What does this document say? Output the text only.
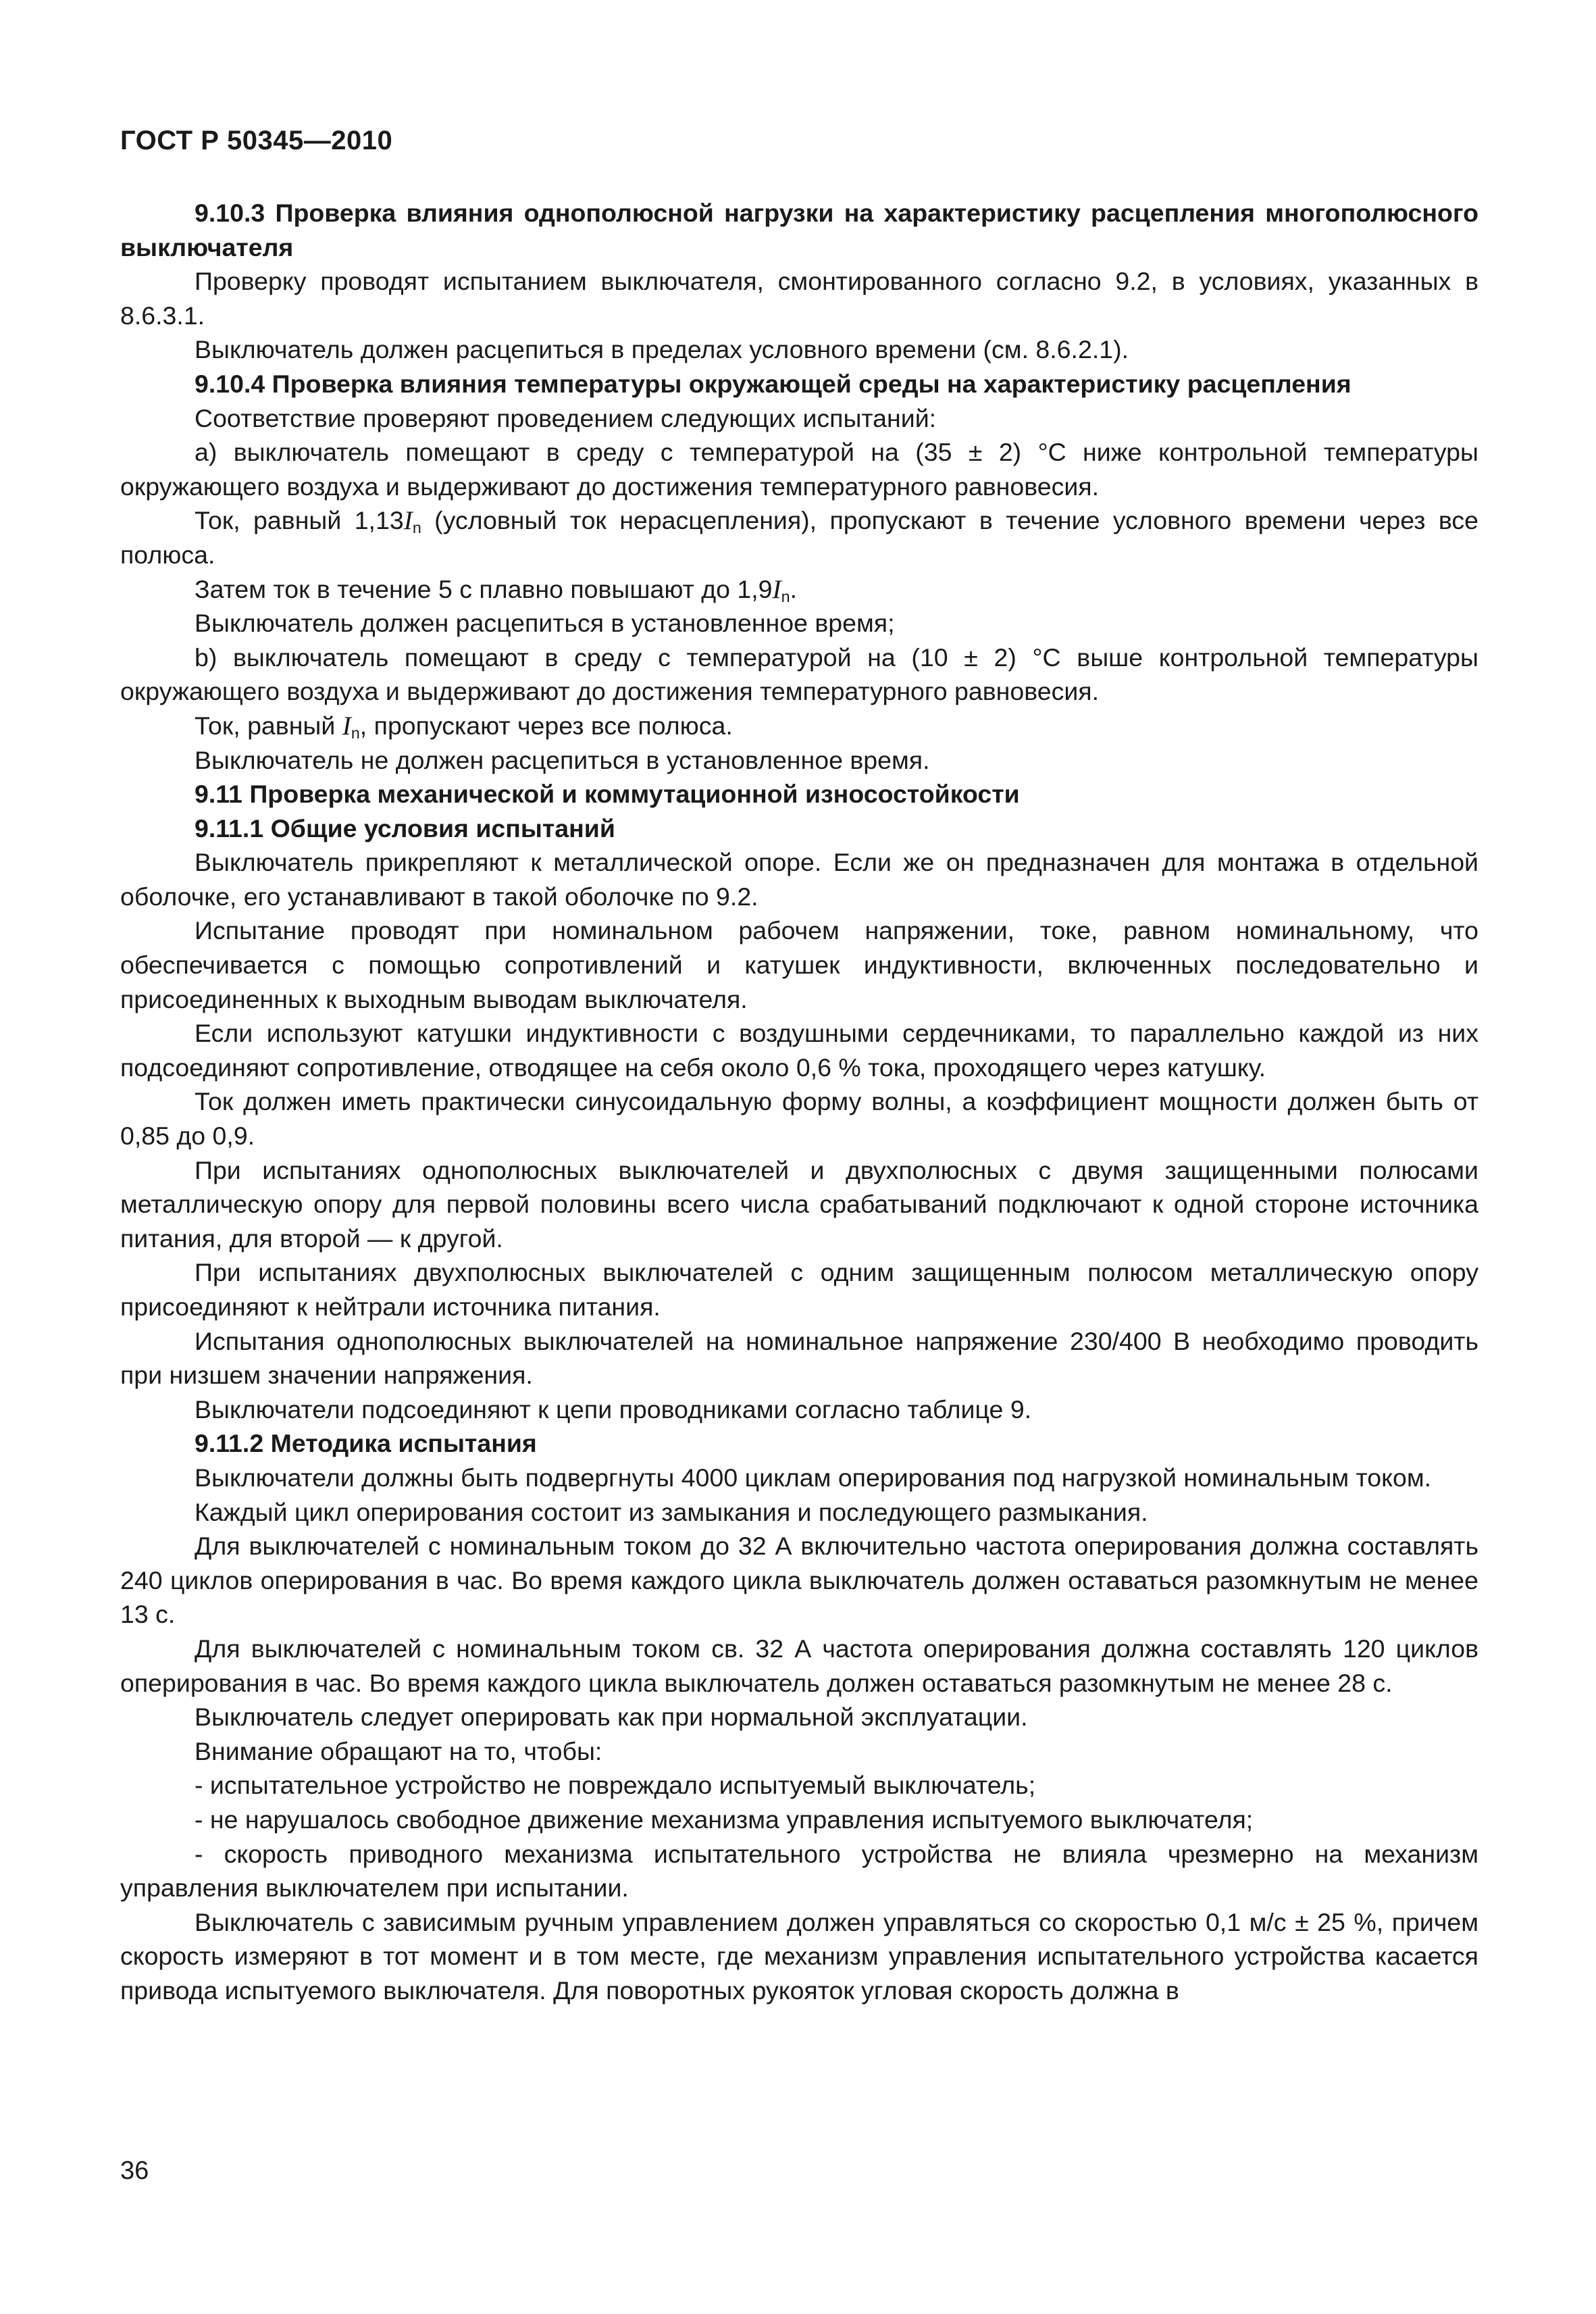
ГОСТ Р 50345—2010

9.10.3 Проверка влияния однополюсной нагрузки на характеристику расцепления многополюсного выключателя

Проверку проводят испытанием выключателя, смонтированного согласно 9.2, в условиях, указанных в 8.6.3.1.

Выключатель должен расцепиться в пределах условного времени (см. 8.6.2.1).

9.10.4 Проверка влияния температуры окружающей среды на характеристику расцепления

Соответствие проверяют проведением следующих испытаний:

a) выключатель помещают в среду с температурой на (35 ± 2) °C ниже контрольной температуры окружающего воздуха и выдерживают до достижения температурного равновесия.

Ток, равный $1,13I_n$ (условный ток нерасцепления), пропускают в течение условного времени через все полюса.

Затем ток в течение 5 с плавно повышают до $1,9I_n$.

Выключатель должен расцепиться в установленное время;

b) выключатель помещают в среду с температурой на (10 ± 2) °C выше контрольной температуры окружающего воздуха и выдерживают до достижения температурного равновесия.

Ток, равный $I_n$, пропускают через все полюса.

Выключатель не должен расцепиться в установленное время.

9.11 Проверка механической и коммутационной износостойкости

9.11.1 Общие условия испытаний

Выключатель прикрепляют к металлической опоре. Если же он предназначен для монтажа в отдельной оболочке, его устанавливают в такой оболочке по 9.2.

Испытание проводят при номинальном рабочем напряжении, токе, равном номинальному, что обеспечивается с помощью сопротивлений и катушек индуктивности, включенных последовательно и присоединенных к выходным выводам выключателя.

Если используют катушки индуктивности с воздушными сердечниками, то параллельно каждой из них подсоединяют сопротивление, отводящее на себя около 0,6 % тока, проходящего через катушку.

Ток должен иметь практически синусоидальную форму волны, а коэффициент мощности должен быть от 0,85 до 0,9.

При испытаниях однополюсных выключателей и двухполюсных с двумя защищенными полюсами металлическую опору для первой половины всего числа срабатываний подключают к одной стороне источника питания, для второй — к другой.

При испытаниях двухполюсных выключателей с одним защищенным полюсом металлическую опору присоединяют к нейтрали источника питания.

Испытания однополюсных выключателей на номинальное напряжение 230/400 В необходимо проводить при низшем значении напряжения.

Выключатели подсоединяют к цепи проводниками согласно таблице 9.

9.11.2 Методика испытания

Выключатели должны быть подвергнуты 4000 циклам оперирования под нагрузкой номинальным током.

Каждый цикл оперирования состоит из замыкания и последующего размыкания.

Для выключателей с номинальным током до 32 А включительно частота оперирования должна составлять 240 циклов оперирования в час. Во время каждого цикла выключатель должен оставаться разомкнутым не менее 13 с.

Для выключателей с номинальным током св. 32 А частота оперирования должна составлять 120 циклов оперирования в час. Во время каждого цикла выключатель должен оставаться разомкнутым не менее 28 с.

Выключатель следует оперировать как при нормальной эксплуатации.

Внимание обращают на то, чтобы:

- испытательное устройство не повреждало испытуемый выключатель;

- не нарушалось свободное движение механизма управления испытуемого выключателя;

- скорость приводного механизма испытательного устройства не влияла чрезмерно на механизм управления выключателем при испытании.

Выключатель с зависимым ручным управлением должен управляться со скоростью 0,1 м/с ± 25 %, причем скорость измеряют в тот момент и в том месте, где механизм управления испытательного устройства касается привода испытуемого выключателя. Для поворотных рукояток угловая скорость должна в

36
